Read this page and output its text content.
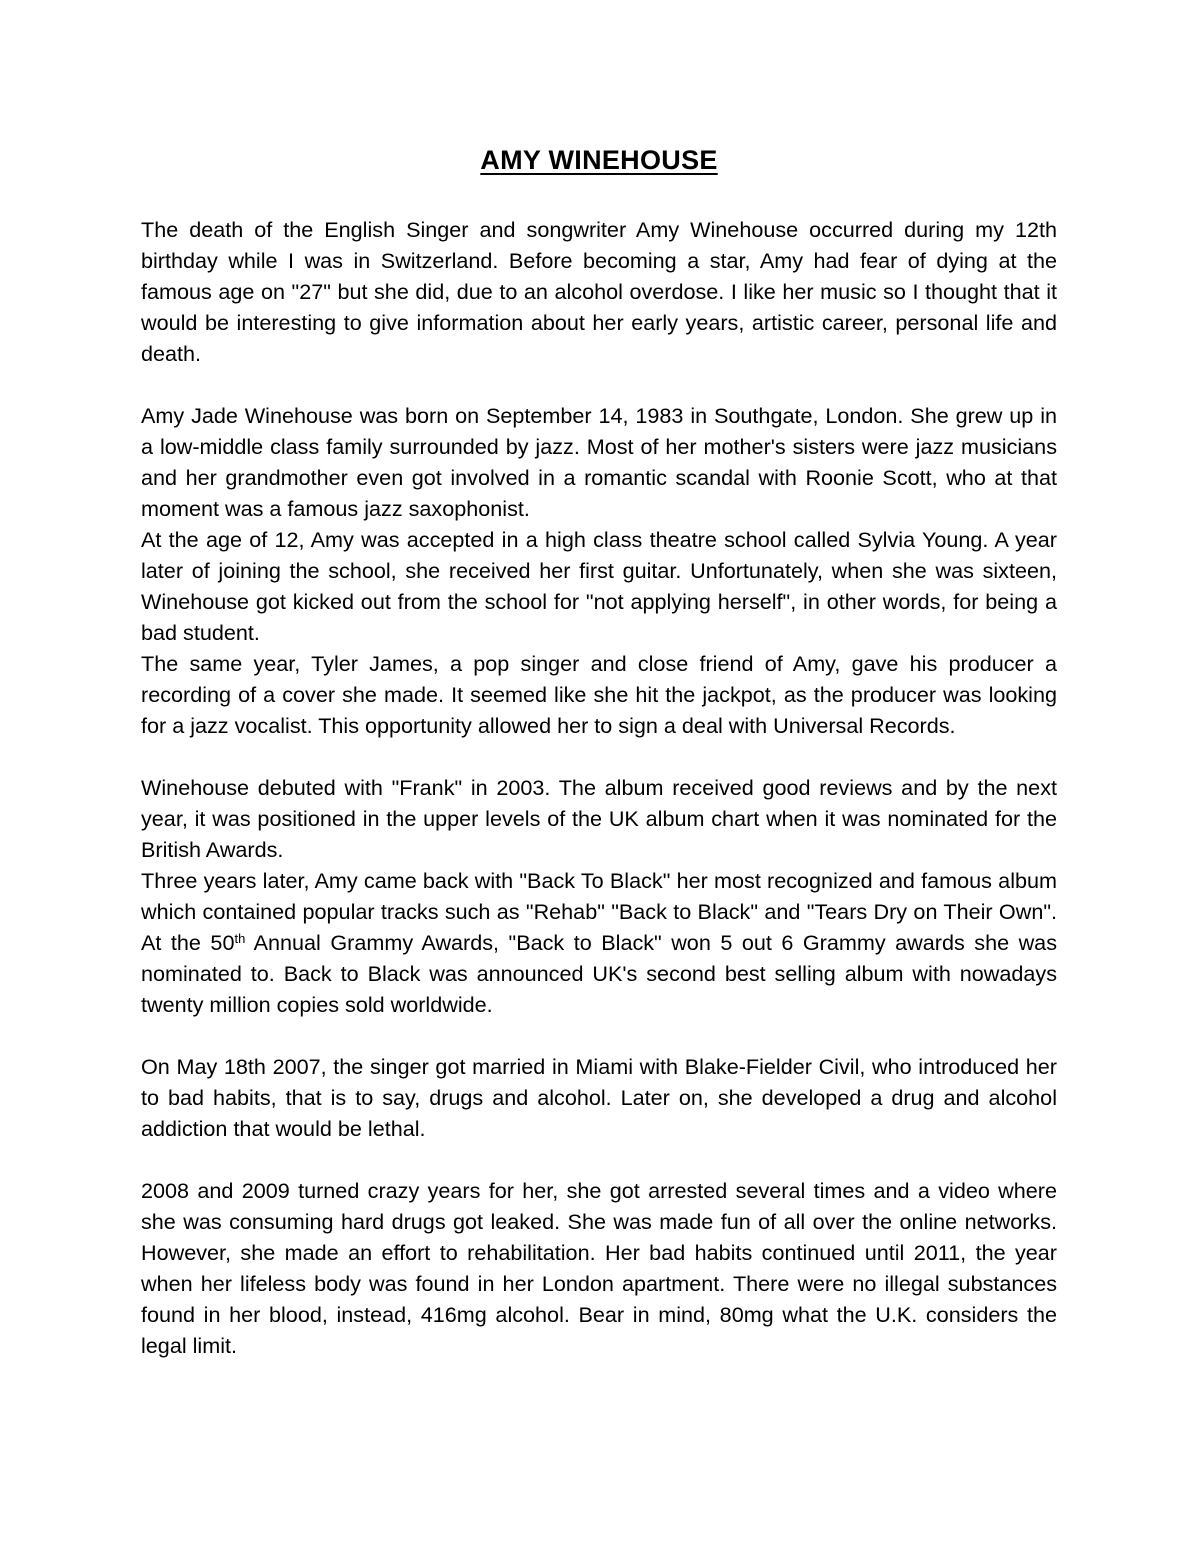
AMY WINEHOUSE

The death of the English Singer and songwriter Amy Winehouse occurred during my 12th birthday while I was in Switzerland. Before becoming a star, Amy had fear of dying at the famous age on "27" but she did, due to an alcohol overdose. I like her music so I thought that it would be interesting to give information about her early years, artistic career, personal life and death.

Amy Jade Winehouse was born on September 14, 1983 in Southgate, London. She grew up in a low-middle class family surrounded by jazz. Most of her mother's sisters were jazz musicians and her grandmother even got involved in a romantic scandal with Roonie Scott, who at that moment was a famous jazz saxophonist.

At the age of 12, Amy was accepted in a high class theatre school called Sylvia Young. A year later of joining the school, she received her first guitar. Unfortunately, when she was sixteen, Winehouse got kicked out from the school for "not applying herself", in other words, for being a bad student.

The same year, Tyler James, a pop singer and close friend of Amy, gave his producer a recording of a cover she made. It seemed like she hit the jackpot, as the producer was looking for a jazz vocalist. This opportunity allowed her to sign a deal with Universal Records.

Winehouse debuted with "Frank" in 2003. The album received good reviews and by the next year, it was positioned in the upper levels of the UK album chart when it was nominated for the British Awards.

Three years later, Amy came back with "Back To Black" her most recognized and famous album which contained popular tracks such as "Rehab" "Back to Black" and "Tears Dry on Their Own". At the 50th Annual Grammy Awards, "Back to Black" won 5 out 6 Grammy awards she was nominated to. Back to Black was announced UK's second best selling album with nowadays twenty million copies sold worldwide.

On May 18th 2007, the singer got married in Miami with Blake-Fielder Civil, who introduced her to bad habits, that is to say, drugs and alcohol. Later on, she developed a drug and alcohol addiction that would be lethal.

2008 and 2009 turned crazy years for her, she got arrested several times and a video where she was consuming hard drugs got leaked. She was made fun of all over the online networks. However, she made an effort to rehabilitation. Her bad habits continued until 2011, the year when her lifeless body was found in her London apartment. There were no illegal substances found in her blood, instead, 416mg alcohol. Bear in mind, 80mg what the U.K. considers the legal limit.
